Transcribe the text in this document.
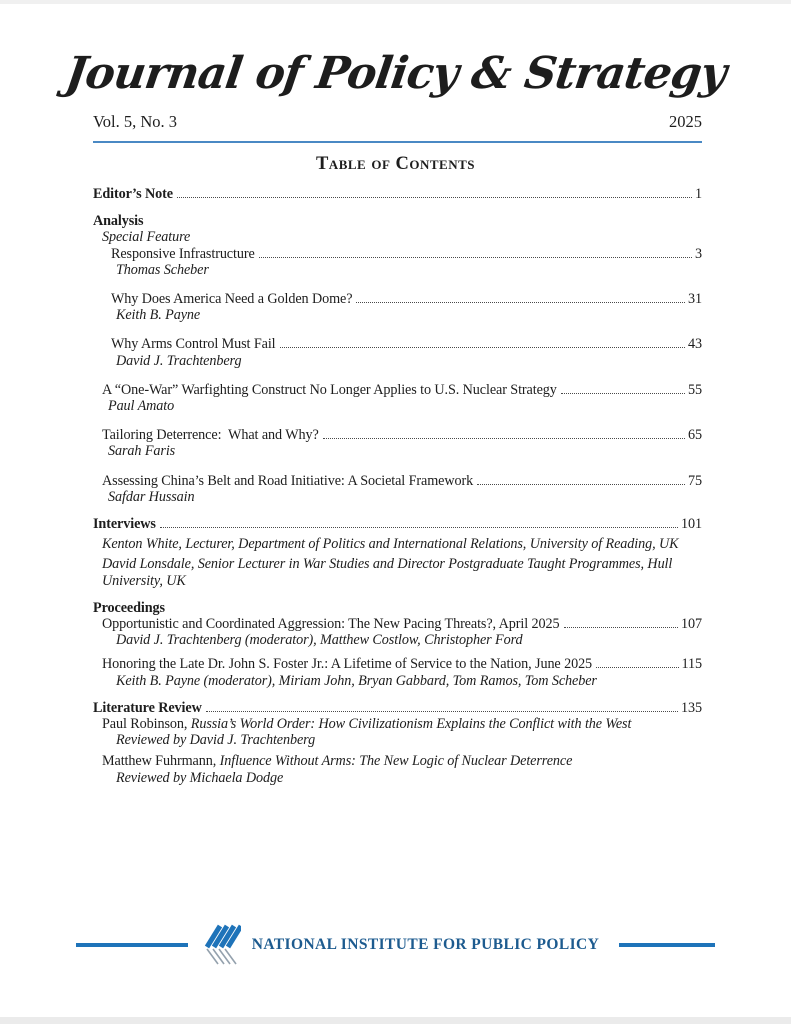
Journal of Policy & Strategy
Vol. 5, No. 3	2025
Table of Contents
Editor’s Note	1
Analysis
Special Feature
Responsive Infrastructure	3
Thomas Scheber
Why Does America Need a Golden Dome?	31
Keith B. Payne
Why Arms Control Must Fail	43
David J. Trachtenberg
A “One-War” Warfighting Construct No Longer Applies to U.S. Nuclear Strategy	55
Paul Amato
Tailoring Deterrence:  What and Why?	65
Sarah Faris
Assessing China’s Belt and Road Initiative: A Societal Framework	75
Safdar Hussain
Interviews	101
Kenton White, Lecturer, Department of Politics and International Relations, University of Reading, UK
David Lonsdale, Senior Lecturer in War Studies and Director Postgraduate Taught Programmes, Hull University, UK
Proceedings
Opportunistic and Coordinated Aggression: The New Pacing Threats?, April 2025	107
David J. Trachtenberg (moderator), Matthew Costlow, Christopher Ford
Honoring the Late Dr. John S. Foster Jr.: A Lifetime of Service to the Nation, June 2025	115
Keith B. Payne (moderator), Miriam John, Bryan Gabbard, Tom Ramos, Tom Scheber
Literature Review	135
Paul Robinson, Russia’s World Order: How Civilizationism Explains the Conflict with the West
Reviewed by David J. Trachtenberg
Matthew Fuhrmann, Influence Without Arms: The New Logic of Nuclear Deterrence
Reviewed by Michaela Dodge
NATIONAL INSTITUTE FOR PUBLIC POLICY
